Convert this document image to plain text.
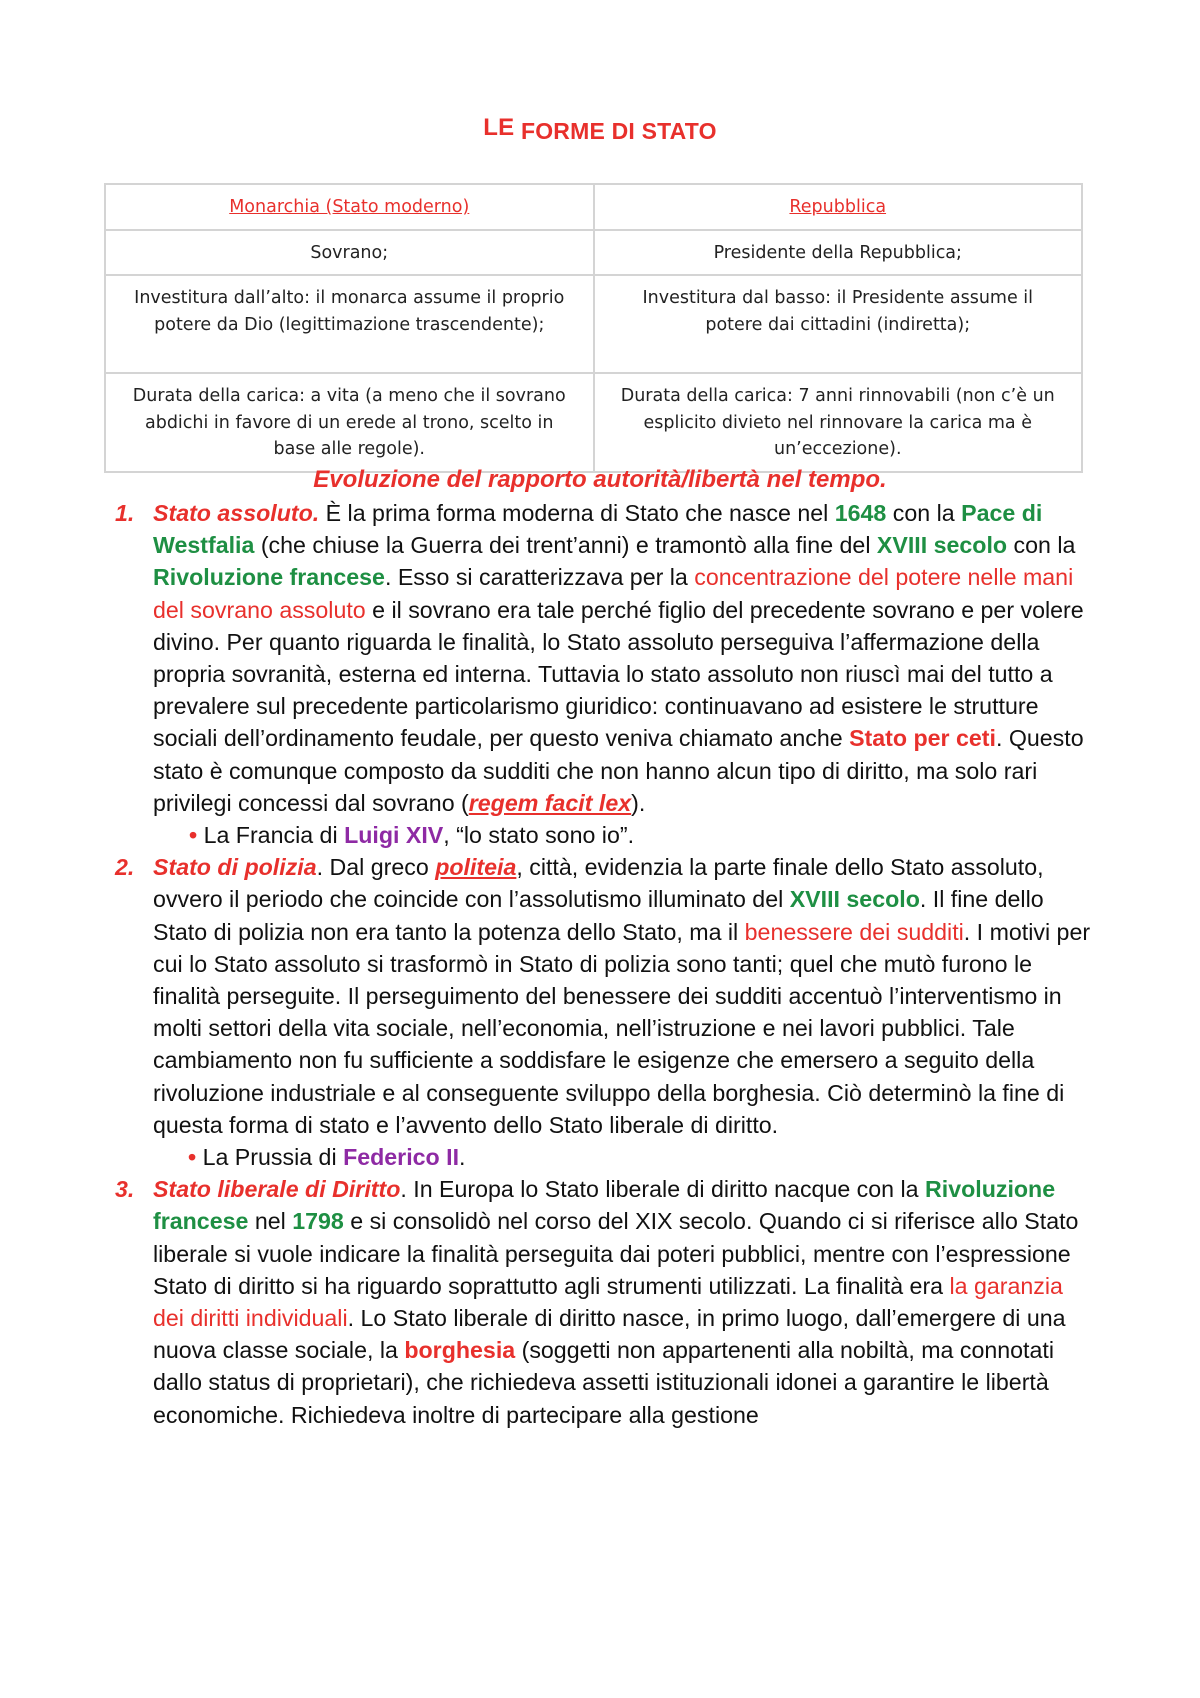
LE FORME DI STATO
Monarchia (Stato moderno)	Repubblica
Sovrano;	Presidente della Repubblica;
Investitura dall’alto: il monarca assume il proprio potere da Dio (legittimazione trascendente);	Investitura dal basso: il Presidente assume il potere dai cittadini (indiretta);
Durata della carica: a vita (a meno che il sovrano abdichi in favore di un erede al trono, scelto in base alle regole).	Durata della carica: 7 anni rinnovabili (non c’è un esplicito divieto nel rinnovare la carica ma è un’eccezione).
Evoluzione del rapporto autorità/libertà nel tempo.

1. Stato assoluto. È la prima forma moderna di Stato che nasce nel 1648 con la Pace di Westfalia (che chiuse la Guerra dei trent’anni) e tramontò alla fine del XVIII secolo con la Rivoluzione francese. Esso si caratterizzava per la concentrazione del potere nelle mani del sovrano assoluto e il sovrano era tale perché figlio del precedente sovrano e per volere divino. Per quanto riguarda le finalità, lo Stato assoluto perseguiva l’affermazione della propria sovranità, esterna ed interna. Tuttavia lo stato assoluto non riuscì mai del tutto a prevalere sul precedente particolarismo giuridico: continuavano ad esistere le strutture sociali dell’ordinamento feudale, per questo veniva chiamato anche Stato per ceti. Questo stato è comunque composto da sudditi che non hanno alcun tipo di diritto, ma solo rari privilegi concessi dal sovrano (regem facit lex).

• La Francia di Luigi XIV, “lo stato sono io”.

2. Stato di polizia. Dal greco politeia, città, evidenzia la parte finale dello Stato assoluto, ovvero il periodo che coincide con l’assolutismo illuminato del XVIII secolo. Il fine dello Stato di polizia non era tanto la potenza dello Stato, ma il benessere dei sudditi. I motivi per cui lo Stato assoluto si trasformò in Stato di polizia sono tanti; quel che mutò furono le finalità perseguite. Il perseguimento del benessere dei sudditi accentuò l’interventismo in molti settori della vita sociale, nell’economia, nell’istruzione e nei lavori pubblici. Tale cambiamento non fu sufficiente a soddisfare le esigenze che emersero a seguito della rivoluzione industriale e al conseguente sviluppo della borghesia. Ciò determinò la fine di questa forma di stato e l’avvento dello Stato liberale di diritto.

• La Prussia di Federico II.

3. Stato liberale di Diritto. In Europa lo Stato liberale di diritto nacque con la Rivoluzione francese nel 1798 e si consolidò nel corso del XIX secolo. Quando ci si riferisce allo Stato liberale si vuole indicare la finalità perseguita dai poteri pubblici, mentre con l’espressione Stato di diritto si ha riguardo soprattutto agli strumenti utilizzati. La finalità era la garanzia dei diritti individuali. Lo Stato liberale di diritto nasce, in primo luogo, dall’emergere di una nuova classe sociale, la borghesia (soggetti non appartenenti alla nobiltà, ma connotati dallo status di proprietari), che richiedeva assetti istituzionali idonei a garantire le libertà economiche. Richiedeva inoltre di partecipare alla gestione
